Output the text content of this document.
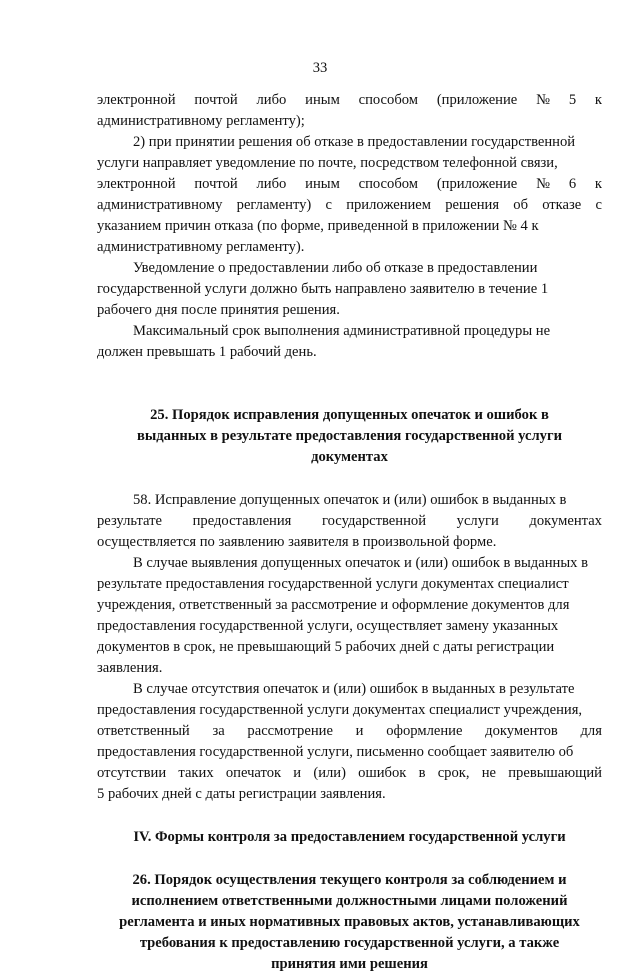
33
электронной почтой либо иным способом (приложение № 5 к
административному регламенту);
2) при принятии решения об отказе в предоставлении государственной
услуги направляет уведомление по почте, посредством телефонной связи,
электронной почтой либо иным способом (приложение № 6 к
административному регламенту) с приложением решения об отказе с
указанием причин отказа (по форме, приведенной в приложении № 4 к
административному регламенту).
Уведомление о предоставлении либо об отказе в предоставлении
государственной услуги должно быть направлено заявителю в течение 1
рабочего дня после принятия решения.
Максимальный срок выполнения административной процедуры не
должен превышать 1 рабочий день.
25. Порядок исправления допущенных опечаток и ошибок в
выданных в результате предоставления государственной услуги
документах
58. Исправление допущенных опечаток и (или) ошибок в выданных в
результате предоставления государственной услуги документах
осуществляется по заявлению заявителя в произвольной форме.
В случае выявления допущенных опечаток и (или) ошибок в выданных в
результате предоставления государственной услуги документах специалист
учреждения, ответственный за рассмотрение и оформление документов для
предоставления государственной услуги, осуществляет замену указанных
документов в срок, не превышающий 5 рабочих дней с даты регистрации
заявления.
В случае отсутствия опечаток и (или) ошибок в выданных в результате
предоставления государственной услуги документах специалист учреждения,
ответственный за рассмотрение и оформление документов для
предоставления государственной услуги, письменно сообщает заявителю об
отсутствии таких опечаток и (или) ошибок в срок, не превышающий
5 рабочих дней с даты регистрации заявления.
IV. Формы контроля за предоставлением государственной услуги
26. Порядок осуществления текущего контроля за соблюдением и
исполнением ответственными должностными лицами положений
регламента и иных нормативных правовых актов, устанавливающих
требования к предоставлению государственной услуги, а также
принятия ими решения
